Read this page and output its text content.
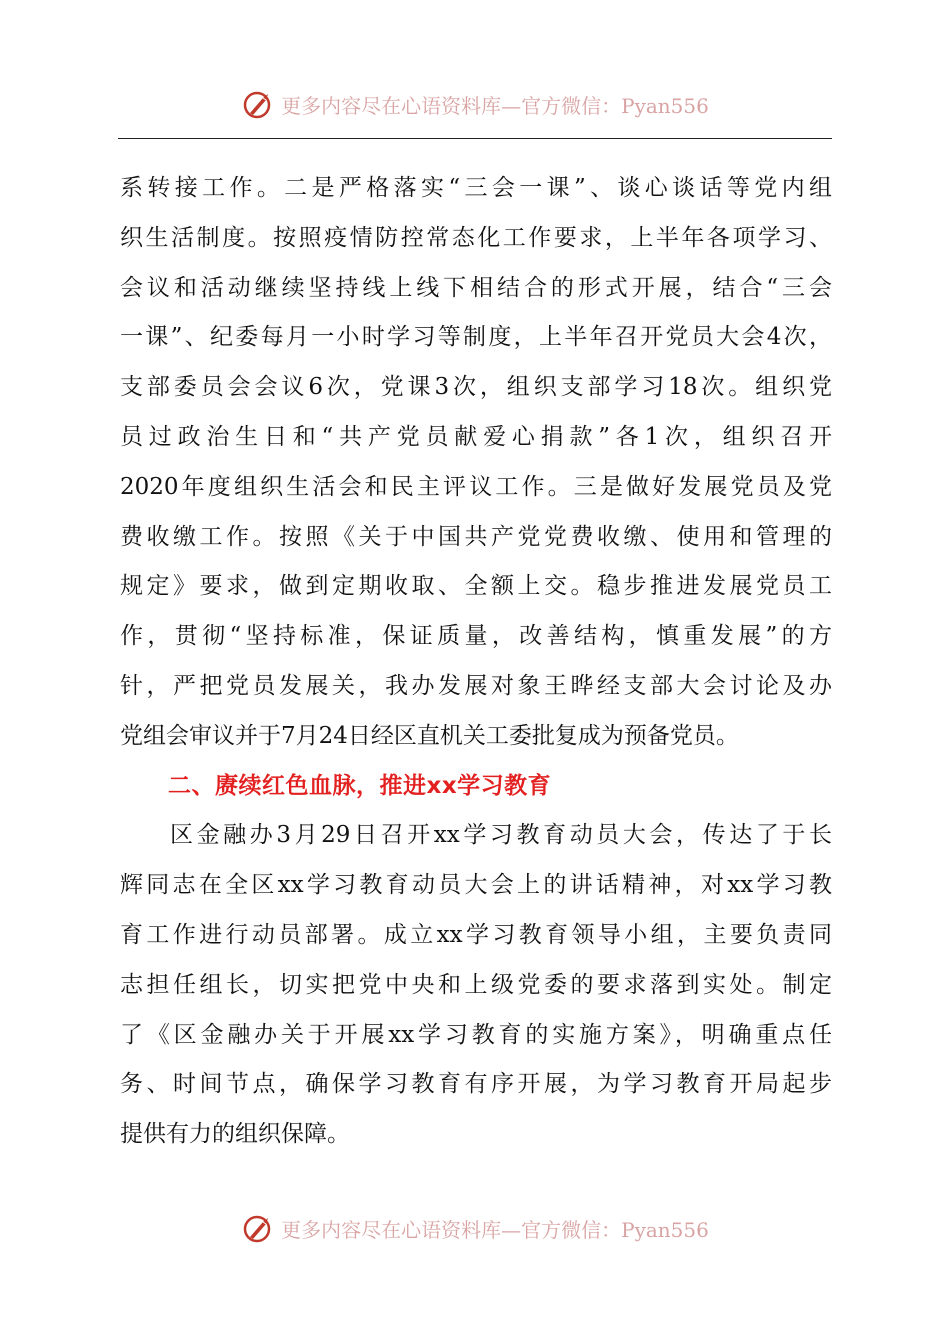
更多内容尽在心语资料库—官方微信：Pyan556
系转接工作。二是严格落实“三会一课”、谈心谈话等党内组
织生活制度。按照疫情防控常态化工作要求，上半年各项学习、
会议和活动继续坚持线上线下相结合的形式开展，结合“三会
一课”、纪委每月一小时学习等制度，上半年召开党员大会4次，
支部委员会会议6次，党课3次，组织支部学习18次。组织党
员过政治生日和“共产党员献爱心捐款”各1次，组织召开
2020年度组织生活会和民主评议工作。三是做好发展党员及党
费收缴工作。按照《关于中国共产党党费收缴、使用和管理的
规定》要求，做到定期收取、全额上交。稳步推进发展党员工
作，贯彻“坚持标准，保证质量，改善结构，慎重发展”的方
针，严把党员发展关，我办发展对象王晔经支部大会讨论及办
党组会审议并于7月24日经区直机关工委批复成为预备党员。
二、赓续红色血脉，推进xx学习教育
区金融办3月29日召开xx学习教育动员大会，传达了于长
辉同志在全区xx学习教育动员大会上的讲话精神，对xx学习教
育工作进行动员部署。成立xx学习教育领导小组，主要负责同
志担任组长，切实把党中央和上级党委的要求落到实处。制定
了《区金融办关于开展xx学习教育的实施方案》，明确重点任
务、时间节点，确保学习教育有序开展，为学习教育开局起步
提供有力的组织保障。
更多内容尽在心语资料库—官方微信：Pyan556
